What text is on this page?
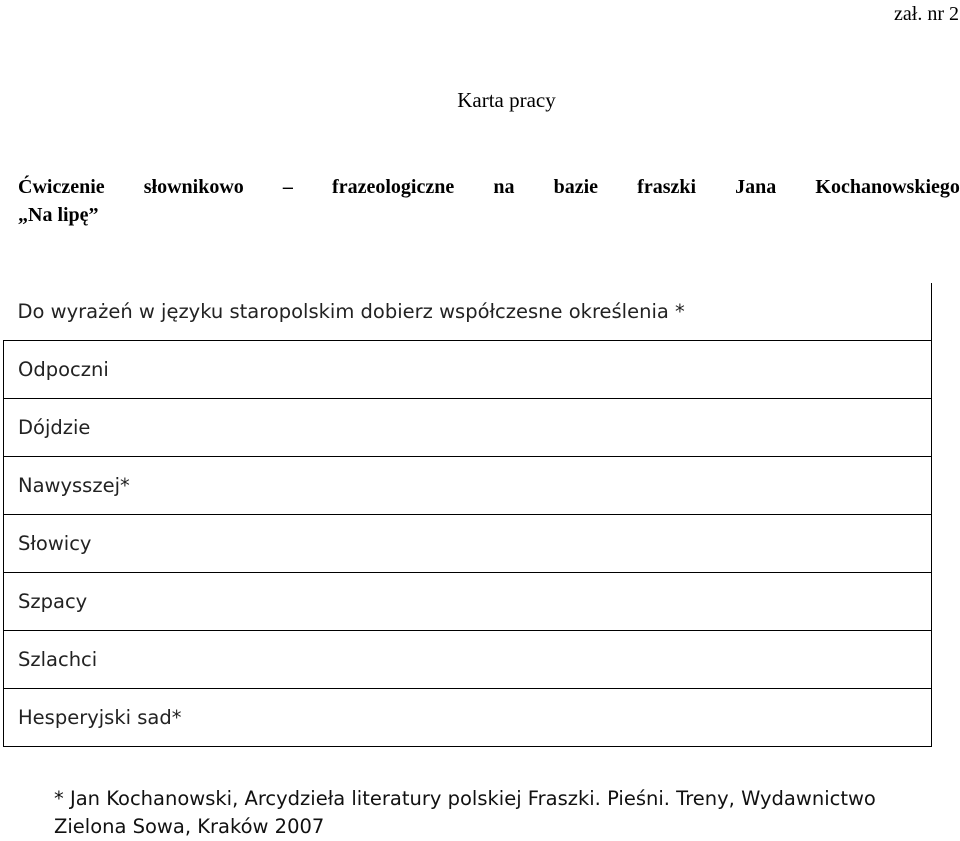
zał. nr 2
Karta pracy
Ćwiczenie słownikowo – frazeologiczne na bazie fraszki Jana Kochanowskiego
„Na lipę”
Do wyrażeń w języku staropolskim dobierz współczesne określenia *
Odpoczni
Dójdzie
Nawysszej*
Słowicy
Szpacy
Szlachci
Hesperyjski sad*
* Jan Kochanowski, Arcydzieła literatury polskiej Fraszki. Pieśni. Treny, Wydawnictwo
Zielona Sowa, Kraków 2007
